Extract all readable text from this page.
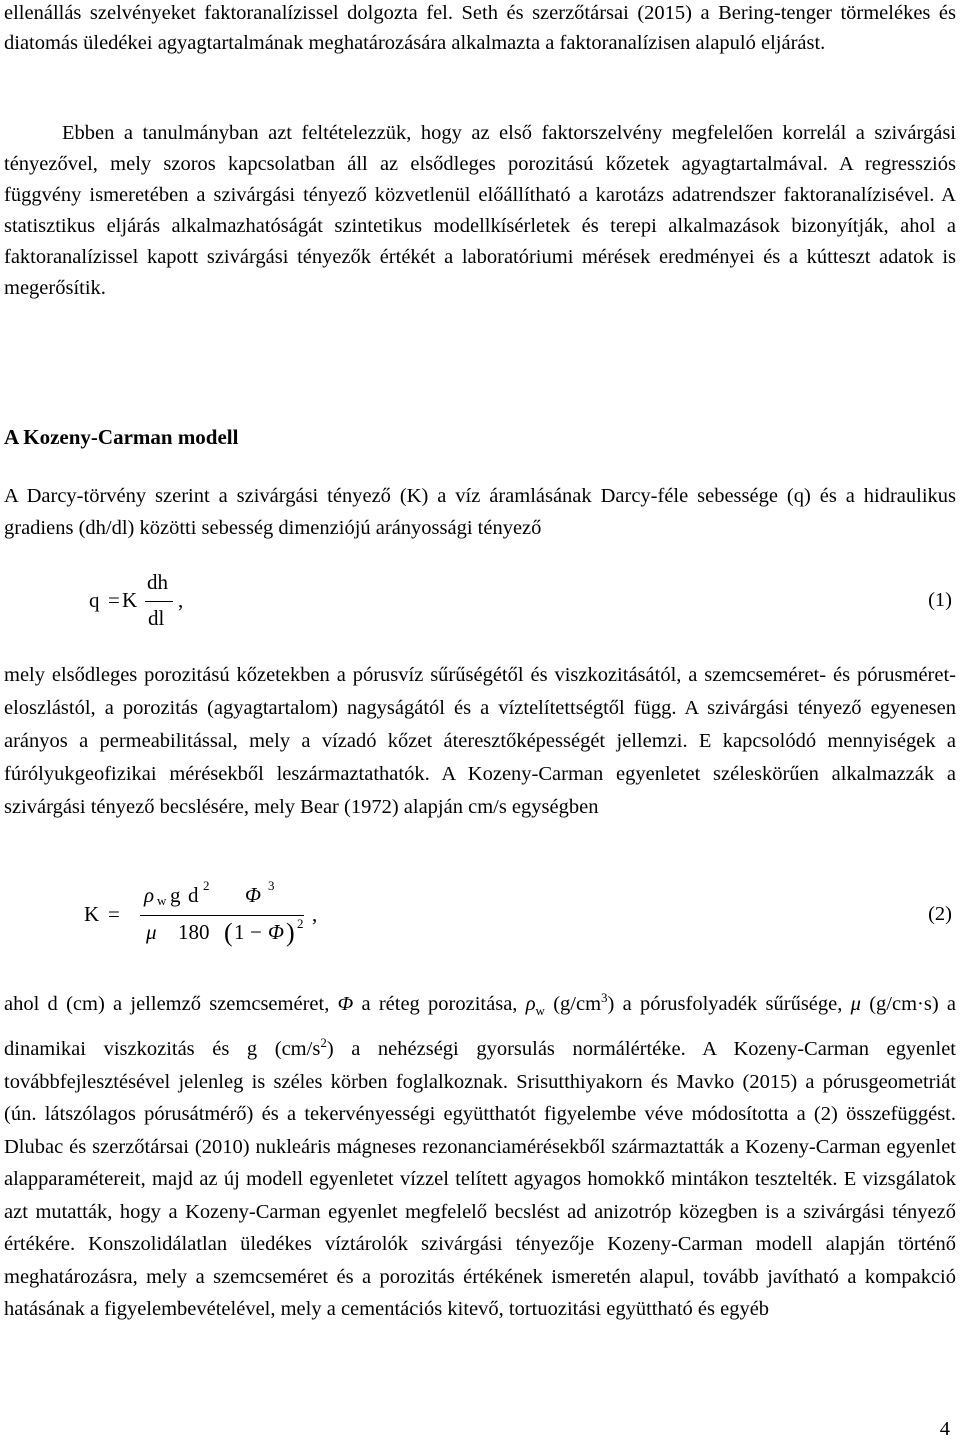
ellenállás szelvényeket faktoranalízissel dolgozta fel. Seth és szerzőtársai (2015) a Bering-tenger törmelékes és diatomás üledékei agyagtartalmának meghatározására alkalmazta a faktoranalízisen alapuló eljárást.

Ebben a tanulmányban azt feltételezzük, hogy az első faktorszelvény megfelelően korrelál a szivárgási tényezővel, mely szoros kapcsolatban áll az elsődleges porozitású kőzetek agyagtartalmával. A regressziós függvény ismeretében a szivárgási tényező közvetlenül előállítható a karotázs adatrendszer faktoranalízisével. A statisztikus eljárás alkalmazhatóságát szintetikus modellkísérletek és terepi alkalmazások bizonyítják, ahol a faktoranalízissel kapott szivárgási tényezők értékét a laboratóriumi mérések eredményei és a kútteszt adatok is megerősítik.

A Darcy-törvény szerint a szivárgási tényező (K) a víz áramlásának Darcy-féle sebessége (q) és a hidraulikus gradiens (dh/dl) közötti sebesség dimenziójú arányossági tényező

mely elsődleges porozitású kőzetekben a pórusvíz sűrűségétől és viszkozitásától, a szemcseméret- és pórusméret-eloszlástól, a porozitás (agyagtartalom) nagyságától és a víztelítettségtől függ. A szivárgási tényező egyenesen arányos a permeabilitással, mely a vízadó kőzet áteresztőképességét jellemzi. E kapcsolódó mennyiségek a fúrólyukgeofizikai mérésekből leszármaztathatók. A Kozeny-Carman egyenletet széleskörűen alkalmazzák a szivárgási tényező becslésére, mely Bear (1972) alapján cm/s egységben

ahol d (cm) a jellemző szemcseméret, Φ a réteg porozitása, $\rho_w$ $(g/cm^3)$ a pórusfolyadék sűrűsége, μ (g/cm·s) a dinamikai viszkozitás és g $(cm/s^2)$ a nehézségi gyorsulás normálértéke. A Kozeny-Carman egyenlet továbbfejlesztésével jelenleg is széles körben foglalkoznak. Srisutthiyakorn és Mavko (2015) a pórusgeometriát (ún. látszólagos pórusátmérő) és a tekervényességi együtthatót figyelembe véve módosította a (2) összefüggést. Dlubac és szerzőtársai (2010) nukleáris mágneses rezonanciamérésekből származtatták a Kozeny-Carman egyenlet alapparamétereit, majd az új modell egyenletet vízzel telített agyagos homokkő mintákon tesztelték. E vizsgálatok azt mutatták, hogy a Kozeny-Carman egyenlet megfelelő becslést ad anizotróp közegben is a szivárgási tényező értékére. Konszolidálatlan üledékes víztárolók szivárgási tényezője Kozeny-Carman modell alapján történő meghatározásra, mely a szemcseméret és a porozitás értékének ismeretén alapul, tovább javítható a kompakció hatásának a figyelembevételével, mely a cementációs kitevő, tortuozitási együttható és egyéb

A Kozeny-Carman modell
q = K
dh
dl
,	(1)
K =
ρ w g
μ
d 2
180
Φ 3
( 1 − Φ ) 2 ,	(2)
4
